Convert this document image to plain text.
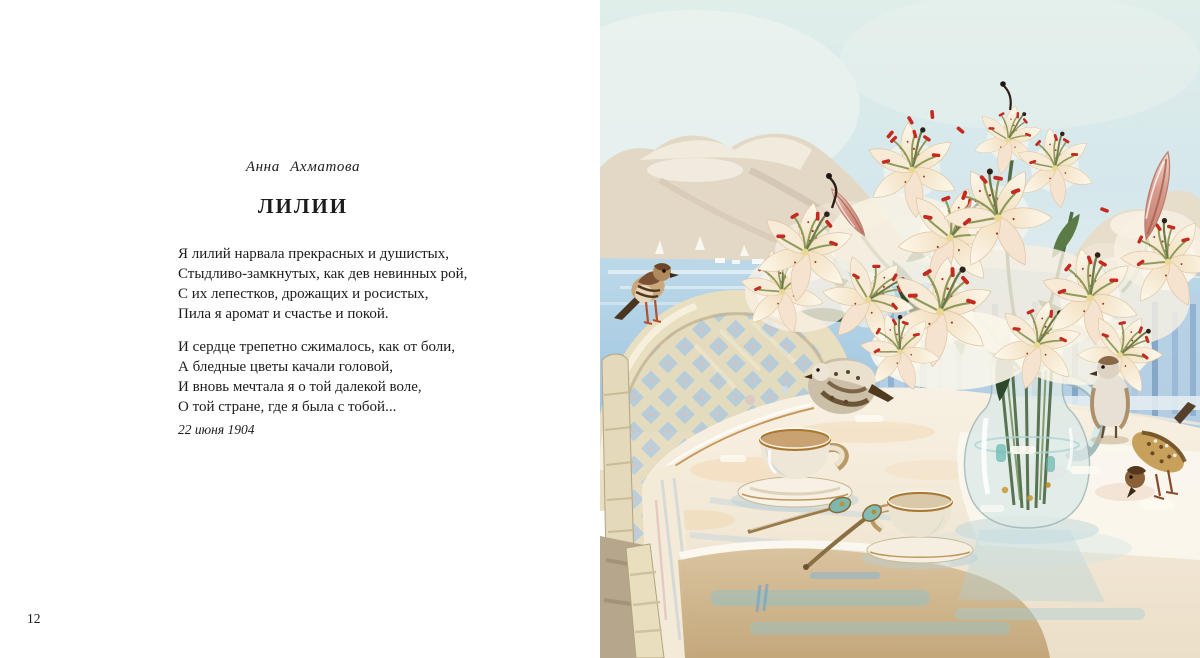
Анна Ахматова

ЛИЛИИ

Я лилий нарвала прекрасных и душистых,

Стыдливо-замкнутых, как дев невинных рой,

С их лепестков, дрожащих и росистых,

Пила я аромат и счастье и покой.

И сердце трепетно сжималось, как от боли,

А бледные цветы качали головой,

И вновь мечтала я о той далекой воле,

О той стране, где я была с тобой...

22 июня 1904

12
